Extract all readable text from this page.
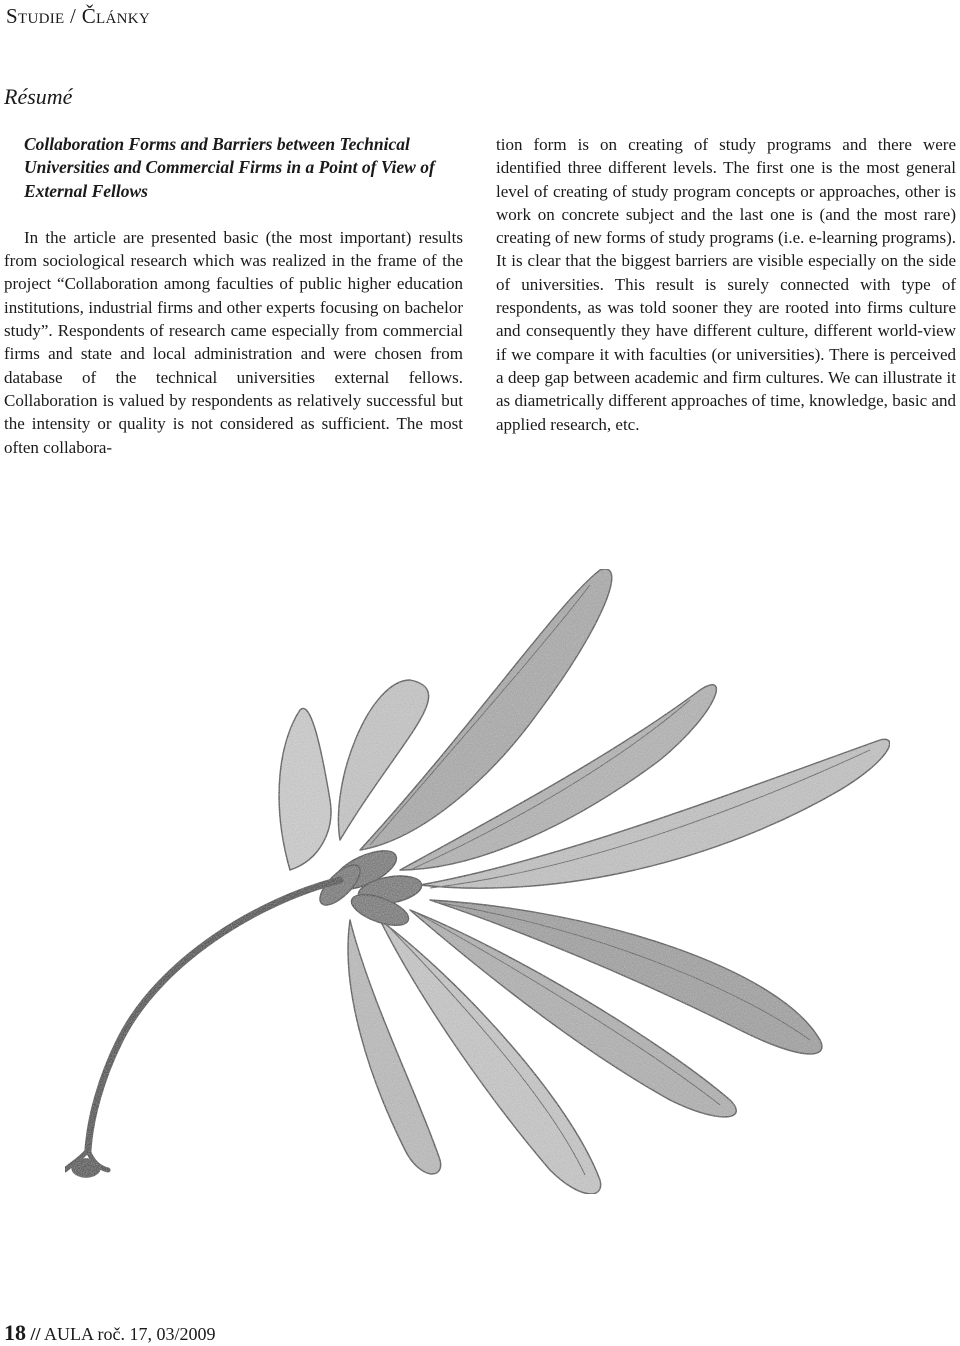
Studie / Články
Résumé

Collaboration Forms and Barriers between Technical Universities and Commercial Firms in a Point of View of External Fellows

In the article are presented basic (the most important) results from sociological research which was realized in the frame of the project “Collaboration among faculties of public higher education institutions, industrial firms and other experts focusing on bachelor study”. Respondents of research came especially from commercial firms and state and local administration and were chosen from database of the technical universities external fellows. Collaboration is valued by respondents as relatively successful but the intensity or quality is not considered as sufficient. The most often collabora-

tion form is on creating of study programs and there were identified three different levels. The first one is the most general level of creating of study program concepts or approaches, other is work on concrete subject and the last one is (and the most rare) creating of new forms of study programs (i.e. e-learning programs). It is clear that the biggest barriers are visible especially on the side of universities. This result is surely connected with type of respondents, as was told sooner they are rooted into firms culture and consequently they have different culture, different world-view if we compare it with faculties (or universities). There is perceived a deep gap between academic and firm cultures. We can illustrate it as diametrically different approaches of time, knowledge, basic and applied research, etc.

18 // AULA roč. 17, 03/2009
